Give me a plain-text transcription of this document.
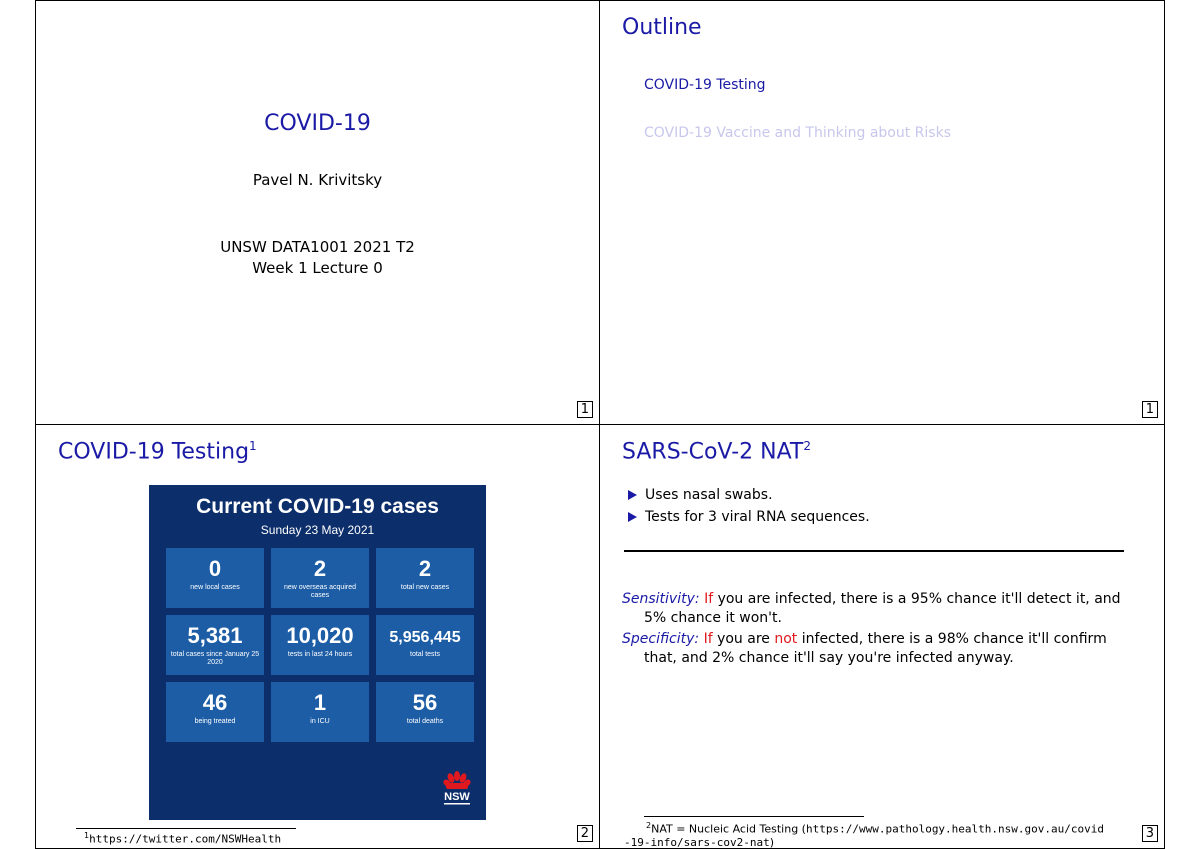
COVID-19
Pavel N. Krivitsky
UNSW DATA1001 2021 T2
Week 1 Lecture 0
1
Outline
COVID-19 Testing
COVID-19 Vaccine and Thinking about Risks
1
COVID-19 Testing$^1$
Current COVID-19 cases
Sunday 23 May 2021
0
new local cases
2
new overseas acquired cases
2
total new cases
5,381
total cases since January 25 2020
10,020
tests in last 24 hours
5,956,445
total tests
46
being treated
1
in ICU
56
total deaths
NSW
$^1$https://twitter.com/NSWHealth	2
SARS-CoV-2 NAT$^2$
Uses nasal swabs.
Tests for 3 viral RNA sequences.
Sensitivity: If you are infected, there is a 95% chance it'll detect it, and 5% chance it won't.
Specificity: If you are not infected, there is a 98% chance it'll confirm that, and 2% chance it'll say you're infected anyway.
$^2$NAT = Nucleic Acid Testing (https://www.pathology.health.nsw.gov.au/covid-19-info/sars-cov2-nat)
3
